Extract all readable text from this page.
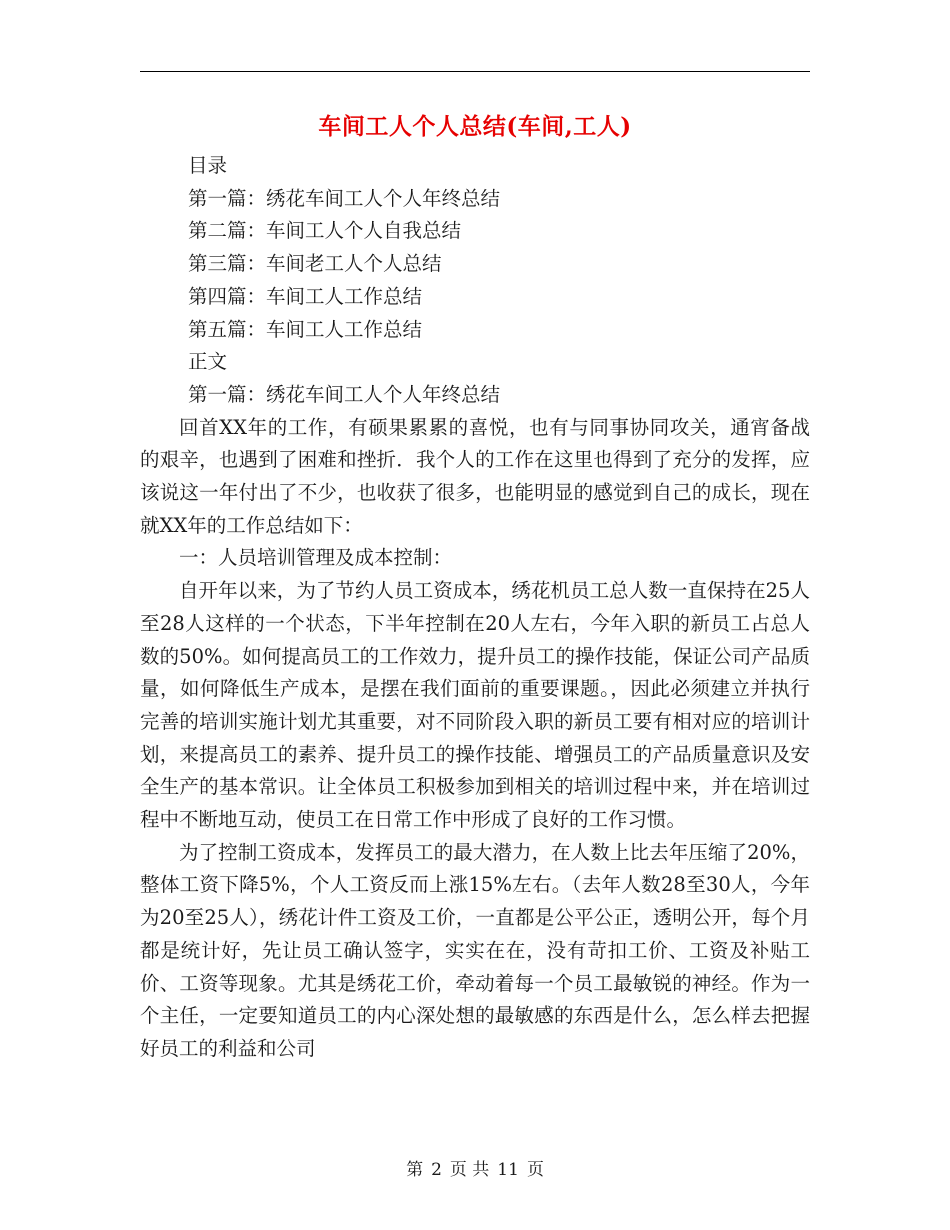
车间工人个人总结(车间,工人)
目录
第一篇：绣花车间工人个人年终总结
第二篇：车间工人个人自我总结
第三篇：车间老工人个人总结
第四篇：车间工人工作总结
第五篇：车间工人工作总结
正文
第一篇：绣花车间工人个人年终总结

回首XX年的工作，有硕果累累的喜悦，也有与同事协同攻关，通宵备战的艰辛，也遇到了困难和挫折．我个人的工作在这里也得到了充分的发挥，应该说这一年付出了不少，也收获了很多，也能明显的感觉到自己的成长，现在就XX年的工作总结如下：

一：人员培训管理及成本控制：

自开年以来，为了节约人员工资成本，绣花机员工总人数一直保持在25人至28人这样的一个状态，下半年控制在20人左右，今年入职的新员工占总人数的50%。如何提高员工的工作效力，提升员工的操作技能，保证公司产品质量，如何降低生产成本，是摆在我们面前的重要课题。，因此必须建立并执行完善的培训实施计划尤其重要，对不同阶段入职的新员工要有相对应的培训计划，来提高员工的素养、提升员工的操作技能、增强员工的产品质量意识及安全生产的基本常识。让全体员工积极参加到相关的培训过程中来，并在培训过程中不断地互动，使员工在日常工作中形成了良好的工作习惯。

为了控制工资成本，发挥员工的最大潜力，在人数上比去年压缩了20%，整体工资下降5%，个人工资反而上涨15%左右。（去年人数28至30人，今年为20至25人），绣花计件工资及工价，一直都是公平公正，透明公开，每个月都是统计好，先让员工确认签字，实实在在，没有苛扣工价、工资及补贴工价、工资等现象。尤其是绣花工价，牵动着每一个员工最敏锐的神经。作为一个主任，一定要知道员工的内心深处想的最敏感的东西是什么，怎么样去把握好员工的利益和公司

第 2 页 共 11 页
